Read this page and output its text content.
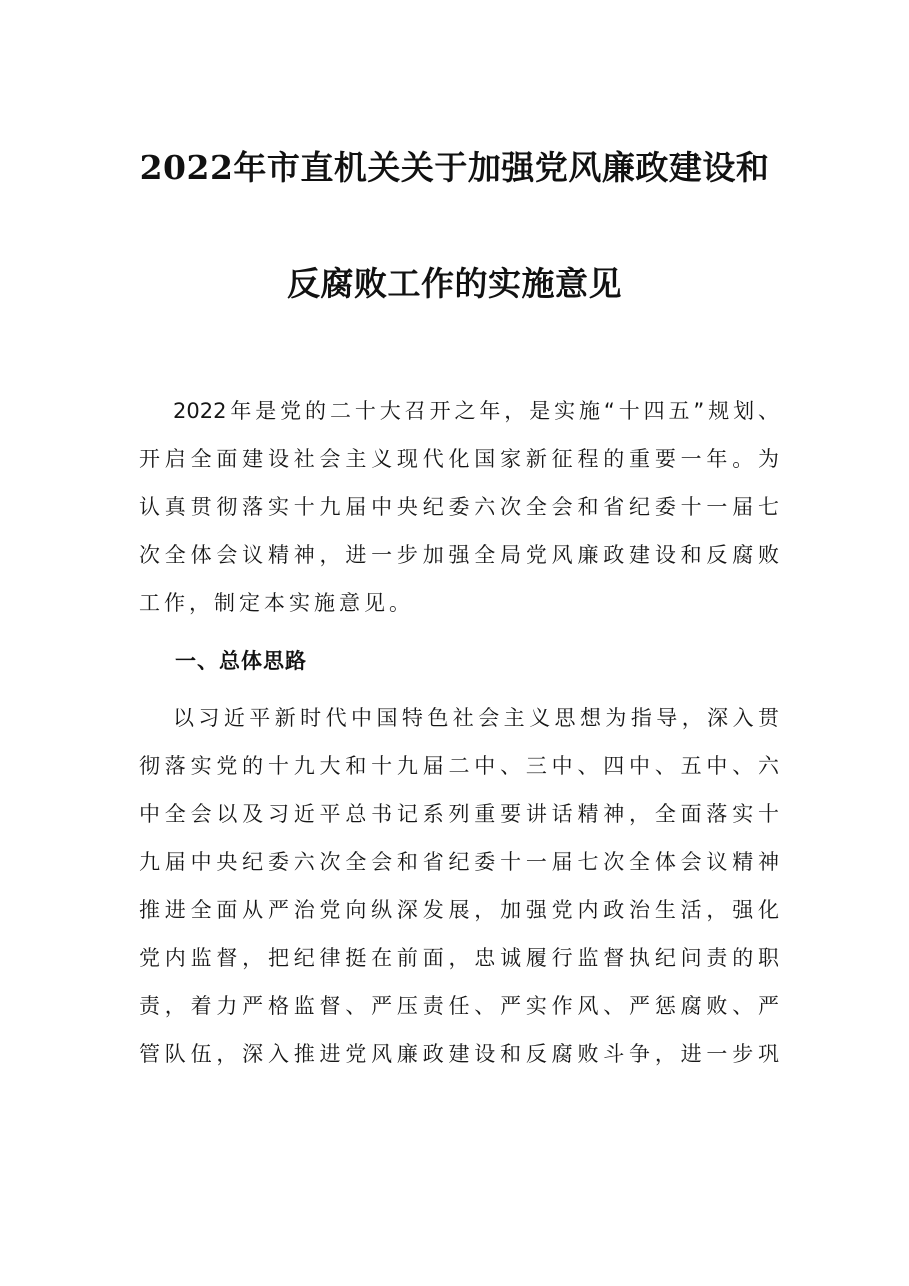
2022年市直机关关于加强党风廉政建设和
反腐败工作的实施意见
2022年是党的二十大召开之年，是实施“十四五”规划、
开启全面建设社会主义现代化国家新征程的重要一年。为
认真贯彻落实十九届中央纪委六次全会和省纪委十一届七
次全体会议精神，进一步加强全局党风廉政建设和反腐败
工作，制定本实施意见。
一、总体思路
以习近平新时代中国特色社会主义思想为指导，深入贯
彻落实党的十九大和十九届二中、三中、四中、五中、六
中全会以及习近平总书记系列重要讲话精神，全面落实十
九届中央纪委六次全会和省纪委十一届七次全体会议精神
推进全面从严治党向纵深发展，加强党内政治生活，强化
党内监督，把纪律挺在前面，忠诚履行监督执纪问责的职
责，着力严格监督、严压责任、严实作风、严惩腐败、严
管队伍，深入推进党风廉政建设和反腐败斗争，进一步巩
